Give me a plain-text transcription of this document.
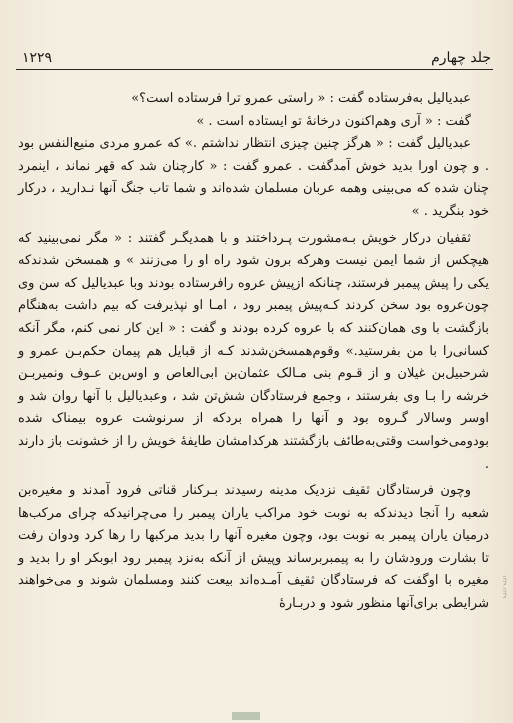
۱۲۲۹	جلد چهارم

عبدیالیل به‌فرستاده گفت : « راستی عمرو ترا فرستاده است؟»

گفت : « آری وهم‌اکنون درخانهٔ تو ایستاده است . »

عبدیالیل گفت : « هرگز چنین چیزی انتظار نداشتم .» که عمرو مردی منیع‌النفس بود . و چون اورا بدید خوش آمدگفت . عمرو گفت : « کارچنان شد که قهر نماند ، اینمرد چنان شده که می‌بینی وهمه عربان مسلمان شده‌اند و شما تاب جنگ آنها نـدارید ، درکار خود بنگرید . »

ثقفیان درکار خویش بـه‌مشورت پـرداختند و با همدیگـر گفتند : « مگر نمی‌بینید که هیچکس از شما ایمن نیست وهرکه برون شود راه او را می‌زنند » و همسخن شدندکه یکی را پیش پیمبر فرستند، چنانکه ازپیش عروه رافرستاده بودند وبا عبدیالیل که سن وی چون‌عروه بود سخن کردند کـه‌پیش پیمبر رود ، امـا او نپذیرفت که بیم داشت به‌هنگام بازگشت با وی همان‌کنند که با عروه کرده بودند و گفت : « این کار نمی کنم، مگر آنکه کسانی‌را با من بفرستید.» وقوم‌همسخن‌شدند کـه از قبایل هم پیمان حکم‌بـن عمرو و شرحبیل‌بن غیلان و از قـوم بنی مـالک عثمان‌بن ابی‌العاص و اوس‌بن عـوف ونمیربـن خرشه را بـا وی بفرستند ، وجمع فرستادگان شش‌تن شد ، وعبدیالیل با آنها روان شد و اوسر وسالار گـروه بود و آنها را همراه بردکه از سرنوشت عروه بیمناک شده بودومی‌خواست وقتی‌به‌طائف بازگشتند هرکدامشان طایفهٔ خویش را از خشونت باز دارند .

وچون فرستادگان ثقیف نزدیک مدینه رسیدند بـرکنار قناتی فرود آمدند و مغیره‌بن شعبه را آنجا دیدندکه به نوبت خود مراکب یاران پیمبر را می‌چرانیدکه چرای مرکب‌ها درمیان یاران پیمبر به نوبت بود، وچون مغیره آنها را بدید مرکبها را رها کرد ودوان رفت تا بشارت ورودشان را به پیمبربرساند وپیش از آنکه به‌نزد پیمبر رود ابوبکر او را بدید و مغیره با اوگفت که فرستادگان ثقیف آمـده‌اند بیعت کنند ومسلمان شوند و می‌خواهند شرایطی برای‌آنها منظور شود و دربـارهٔ

۱۲۲۹ ۱۲۲۹
